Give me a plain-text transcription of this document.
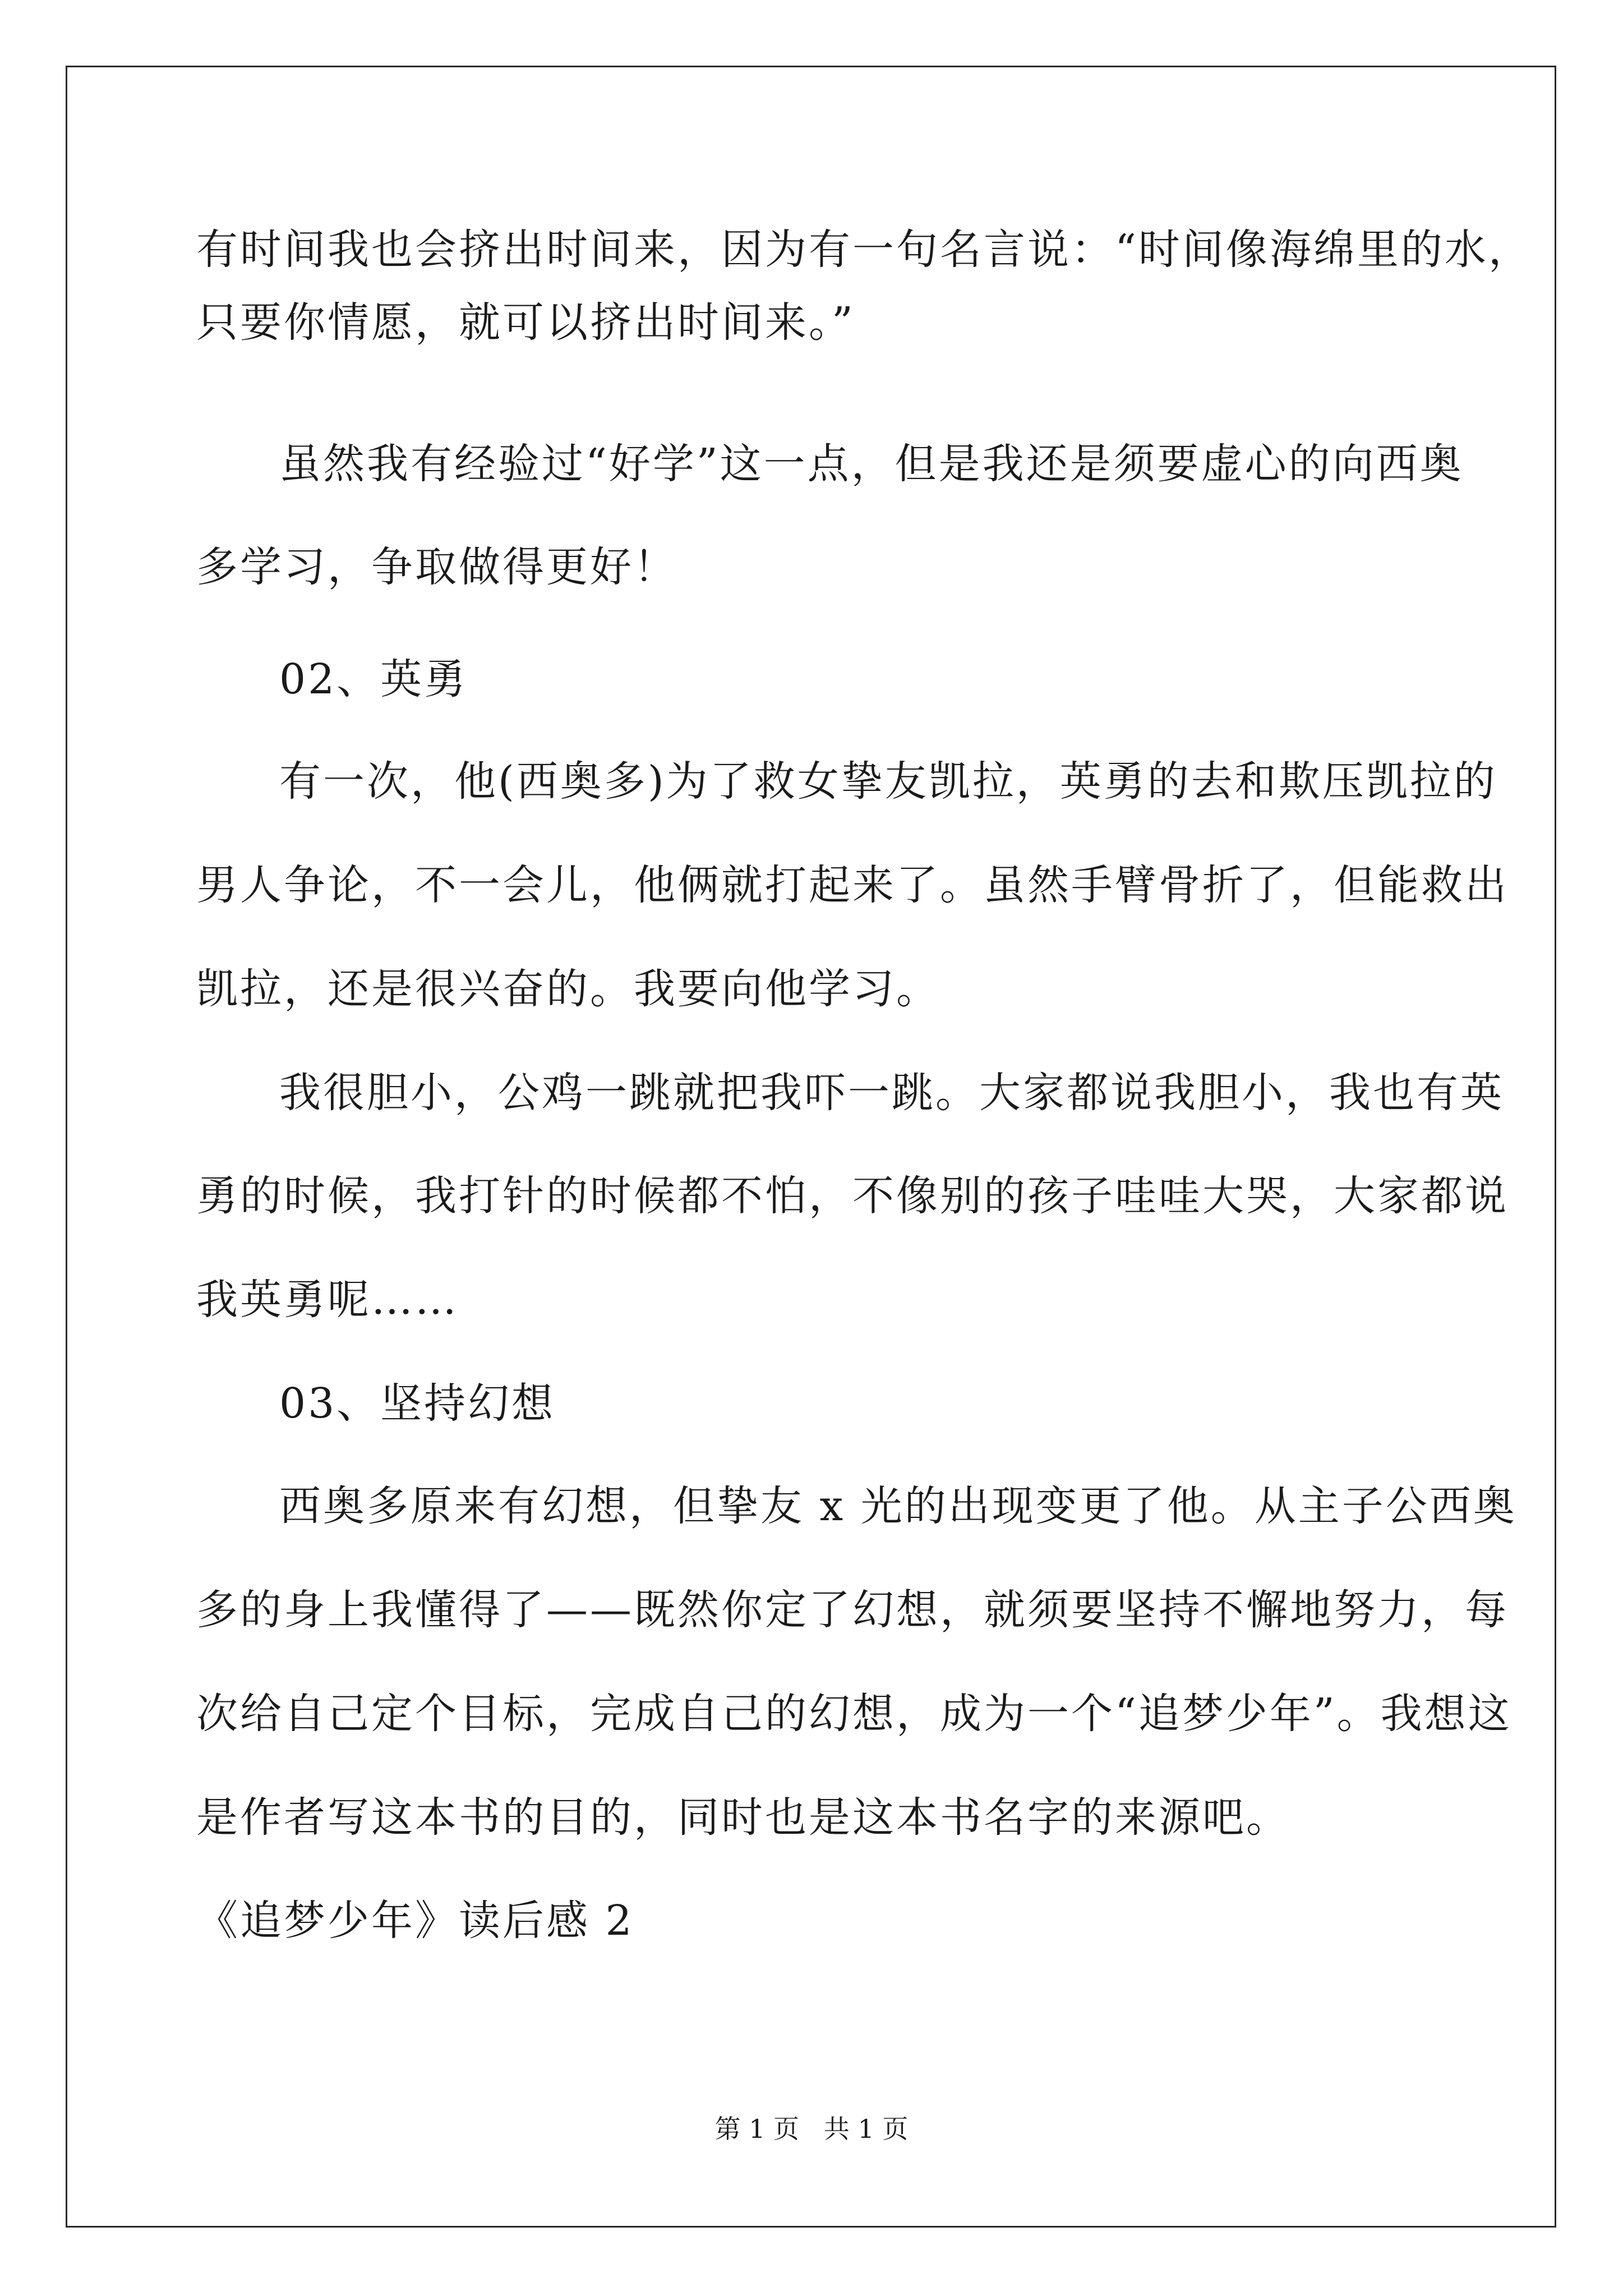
有时间我也会挤出时间来，因为有一句名言说：“时间像海绵里的水，
只要你情愿，就可以挤出时间来。”
虽然我有经验过“好学”这一点，但是我还是须要虚心的向西奥
多学习，争取做得更好！
02、英勇
有一次，他(西奥多)为了救女挚友凯拉，英勇的去和欺压凯拉的
男人争论，不一会儿，他俩就打起来了。虽然手臂骨折了，但能救出
凯拉，还是很兴奋的。我要向他学习。
我很胆小，公鸡一跳就把我吓一跳。大家都说我胆小，我也有英
勇的时候，我打针的时候都不怕，不像别的孩子哇哇大哭，大家都说
我英勇呢……
03、坚持幻想
西奥多原来有幻想，但挚友 x 光的出现变更了他。从主子公西奥
多的身上我懂得了——既然你定了幻想，就须要坚持不懈地努力，每
次给自己定个目标，完成自己的幻想，成为一个“追梦少年”。我想这
是作者写这本书的目的，同时也是这本书名字的来源吧。
《追梦少年》读后感 2
第 1 页   共 1 页
